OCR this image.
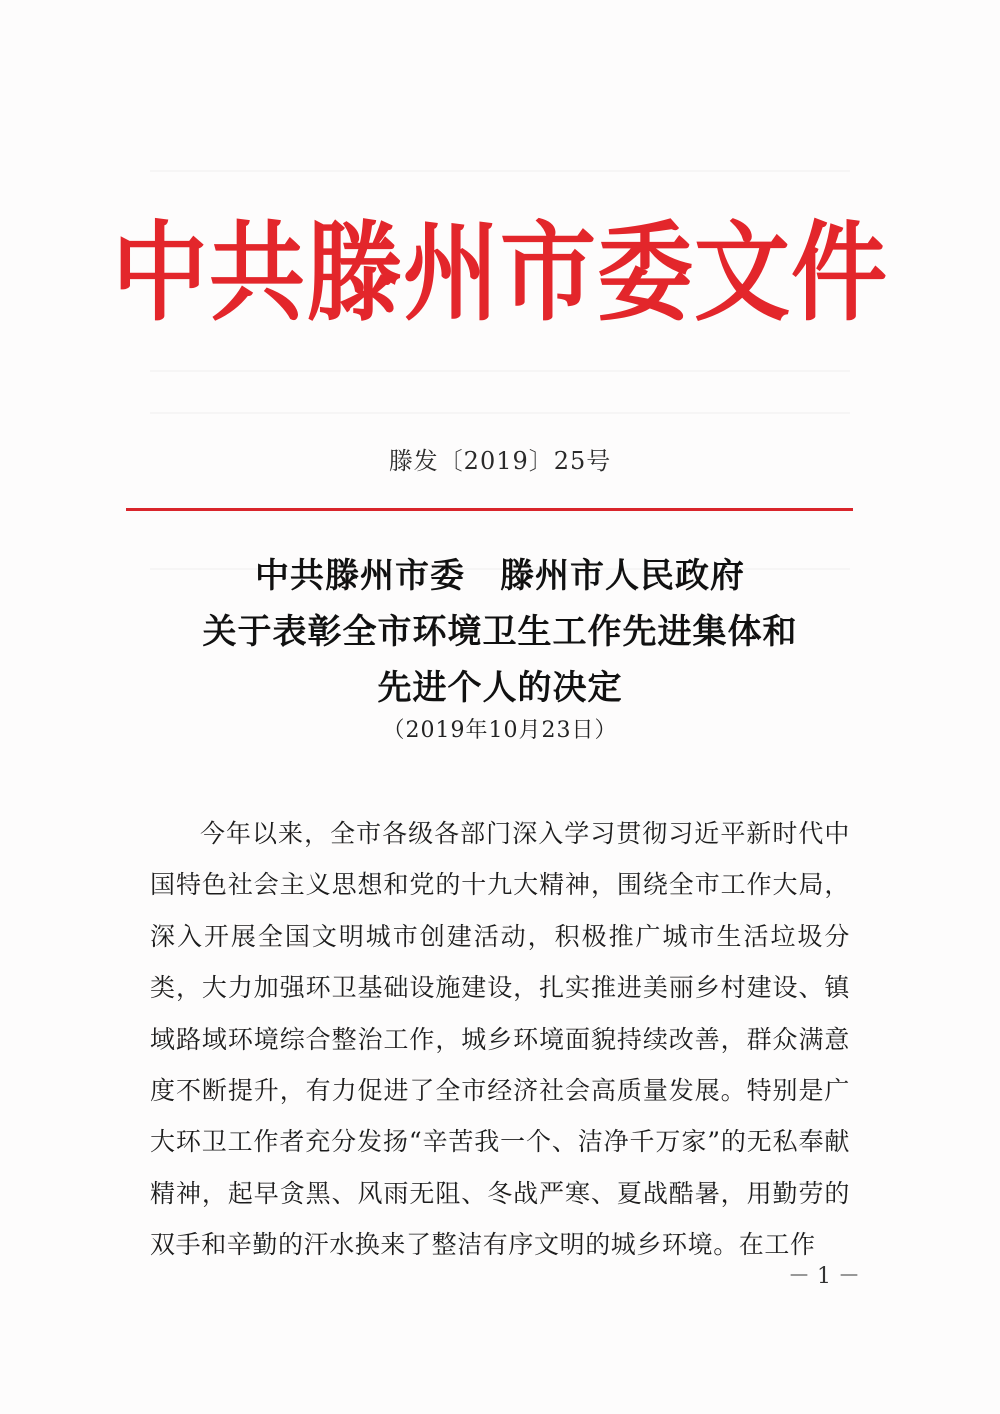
中共滕州市委文件
滕发〔2019〕25号
中共滕州市委　滕州市人民政府
关于表彰全市环境卫生工作先进集体和
先进个人的决定
（2019年10月23日）

今年以来，全市各级各部门深入学习贯彻习近平新时代中国特色社会主义思想和党的十九大精神，围绕全市工作大局，深入开展全国文明城市创建活动，积极推广城市生活垃圾分类，大力加强环卫基础设施建设，扎实推进美丽乡村建设、镇域路域环境综合整治工作，城乡环境面貌持续改善，群众满意度不断提升，有力促进了全市经济社会高质量发展。特别是广大环卫工作者充分发扬“辛苦我一个、洁净千万家”的无私奉献精神，起早贪黑、风雨无阻、冬战严寒、夏战酷暑，用勤劳的双手和辛勤的汗水换来了整洁有序文明的城乡环境。在工作

－ 1 －
